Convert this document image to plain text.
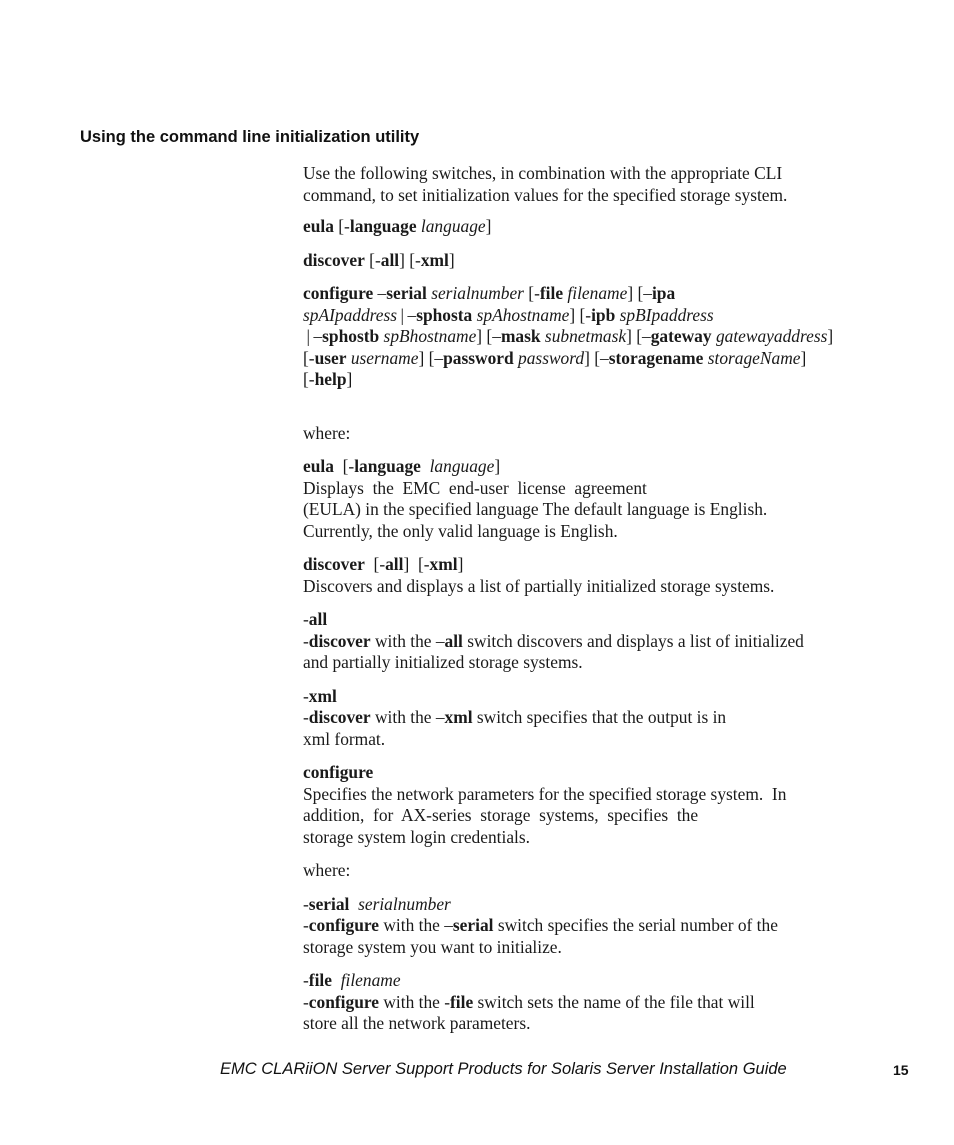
Using the command line initialization utility

Use the following switches, in combination with the appropriate CLI
command, to set initialization values for the specified storage system.

eula [-language language]

discover [-all] [-xml]

configure –serial serialnumber [-file filename] [–ipa
spAIpaddress | –sphosta spAhostname] [-ipb spBIpaddress
 | –sphostb spBhostname] [–mask subnetmask] [–gateway gatewayaddress]
[-user username] [–password password] [–storagename storageName]
[-help]

where:

eula  [-language language]
Displays  the  EMC  end-user  license  agreement
(EULA) in the specified language The default language is English.
Currently, the only valid language is English.

discover  [-all]  [-xml]
Discovers and displays a list of partially initialized storage systems.

-all
-discover with the –all switch discovers and displays a list of initialized
and partially initialized storage systems.

-xml
-discover with the –xml switch specifies that the output is in
xml format.

configure
Specifies the network parameters for the specified storage system.  In
addition,  for  AX-series  storage  systems,  specifies  the
storage system login credentials.

where:

-serial serialnumber
-configure with the –serial switch specifies the serial number of the
storage system you want to initialize.

-file filename
-configure with the -file switch sets the name of the file that will
store all the network parameters.

EMC CLARiiON Server Support Products for Solaris Server Installation Guide	15
